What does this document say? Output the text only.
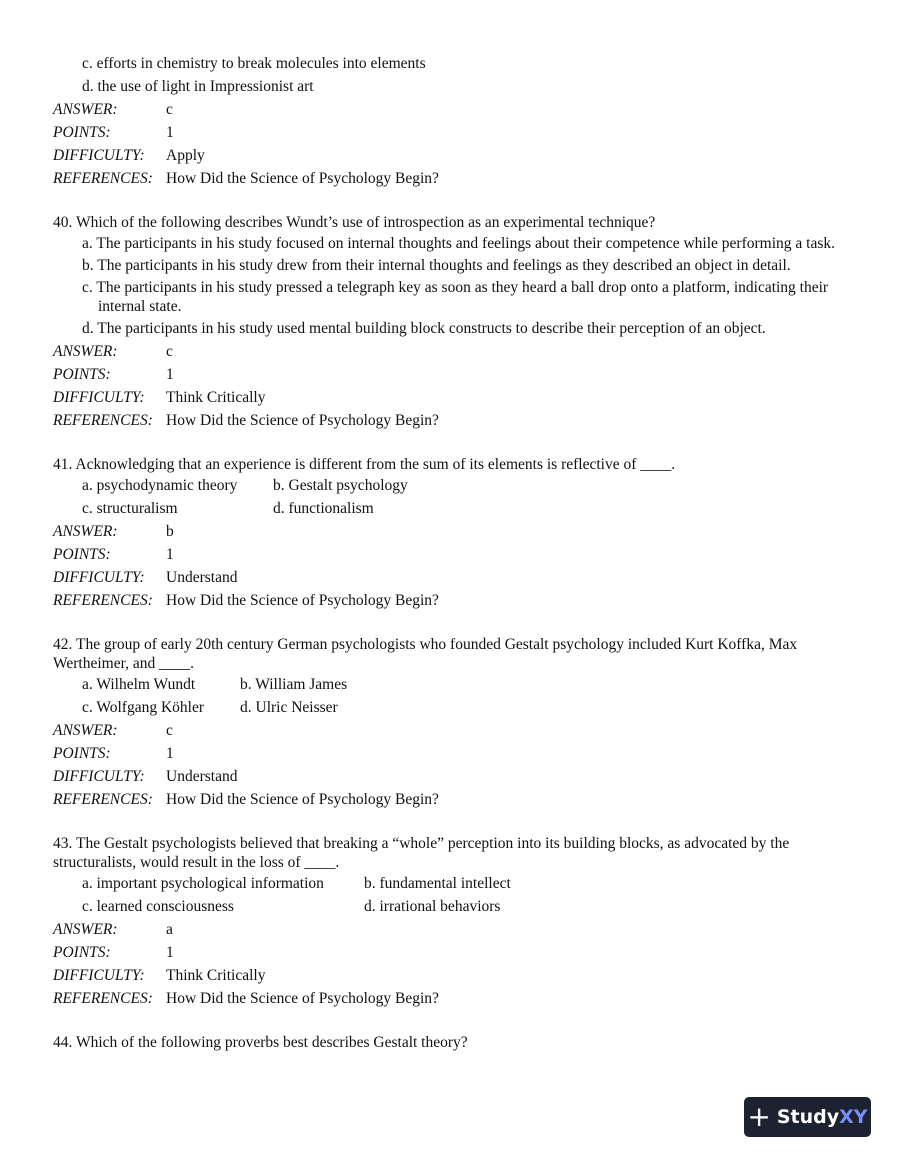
c. efforts in chemistry to break molecules into elements
d. the use of light in Impressionist art
ANSWER:	c
POINTS:	1
DIFFICULTY:	Apply
REFERENCES: How Did the Science of Psychology Begin?
40. Which of the following describes Wundt’s use of introspection as an experimental technique?
a. The participants in his study focused on internal thoughts and feelings about their competence while performing a task.
b. The participants in his study drew from their internal thoughts and feelings as they described an object in detail.
c. The participants in his study pressed a telegraph key as soon as they heard a ball drop onto a platform, indicating their internal state.
d. The participants in his study used mental building block constructs to describe their perception of an object.
ANSWER:	c
POINTS:	1
DIFFICULTY:	Think Critically
REFERENCES: How Did the Science of Psychology Begin?
41. Acknowledging that an experience is different from the sum of its elements is reflective of ____.
a. psychodynamic theory	b. Gestalt psychology
c. structuralism	d. functionalism
ANSWER:	b
POINTS:	1
DIFFICULTY:	Understand
REFERENCES: How Did the Science of Psychology Begin?
42. The group of early 20th century German psychologists who founded Gestalt psychology included Kurt Koffka, Max Wertheimer, and ____.
a. Wilhelm Wundt	b. William James
c. Wolfgang Köhler	d. Ulric Neisser
ANSWER:	c
POINTS:	1
DIFFICULTY:	Understand
REFERENCES: How Did the Science of Psychology Begin?
43. The Gestalt psychologists believed that breaking a “whole” perception into its building blocks, as advocated by the structuralists, would result in the loss of ____.
a. important psychological information	b. fundamental intellect
c. learned consciousness	d. irrational behaviors
ANSWER:	a
POINTS:	1
DIFFICULTY:	Think Critically
REFERENCES: How Did the Science of Psychology Begin?
44. Which of the following proverbs best describes Gestalt theory?
+ Study XY
